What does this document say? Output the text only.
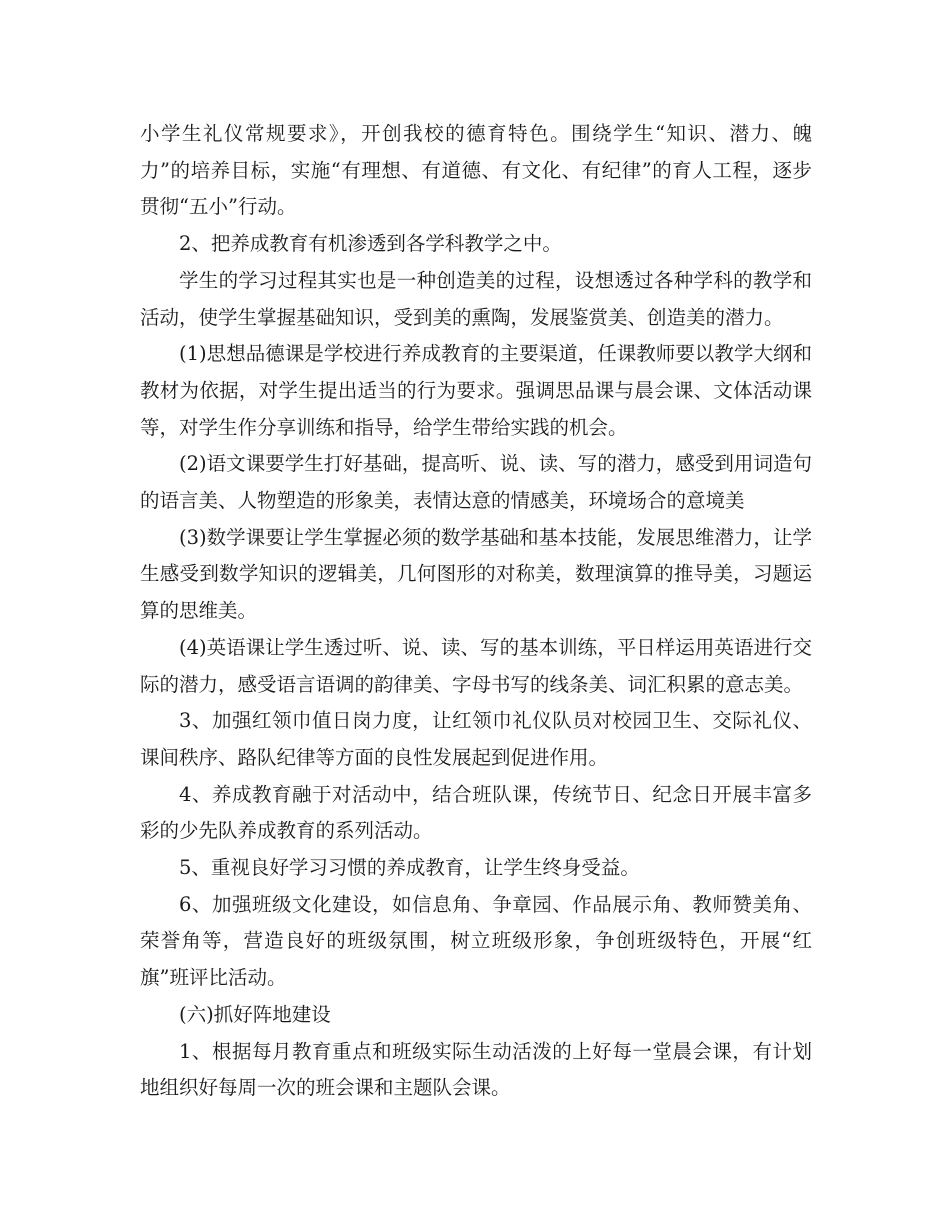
小学生礼仪常规要求》，开创我校的德育特色。围绕学生“知识、潜力、魄力”的培养目标，实施“有理想、有道德、有文化、有纪律”的育人工程，逐步贯彻“五小”行动。

2、把养成教育有机渗透到各学科教学之中。

学生的学习过程其实也是一种创造美的过程，设想透过各种学科的教学和活动，使学生掌握基础知识，受到美的熏陶，发展鉴赏美、创造美的潜力。

(1)思想品德课是学校进行养成教育的主要渠道，任课教师要以教学大纲和教材为依据，对学生提出适当的行为要求。强调思品课与晨会课、文体活动课等，对学生作分享训练和指导，给学生带给实践的机会。

(2)语文课要学生打好基础，提高听、说、读、写的潜力，感受到用词造句的语言美、人物塑造的形象美，表情达意的情感美，环境场合的意境美

(3)数学课要让学生掌握必须的数学基础和基本技能，发展思维潜力，让学生感受到数学知识的逻辑美，几何图形的对称美，数理演算的推导美，习题运算的思维美。

(4)英语课让学生透过听、说、读、写的基本训练，平日样运用英语进行交际的潜力，感受语言语调的韵律美、字母书写的线条美、词汇积累的意志美。

3、加强红领巾值日岗力度，让红领巾礼仪队员对校园卫生、交际礼仪、课间秩序、路队纪律等方面的良性发展起到促进作用。

4、养成教育融于对活动中，结合班队课，传统节日、纪念日开展丰富多彩的少先队养成教育的系列活动。

5、重视良好学习习惯的养成教育，让学生终身受益。

6、加强班级文化建设，如信息角、争章园、作品展示角、教师赞美角、荣誉角等，营造良好的班级氛围，树立班级形象，争创班级特色，开展“红旗”班评比活动。

(六)抓好阵地建设

1、根据每月教育重点和班级实际生动活泼的上好每一堂晨会课，有计划地组织好每周一次的班会课和主题队会课。
